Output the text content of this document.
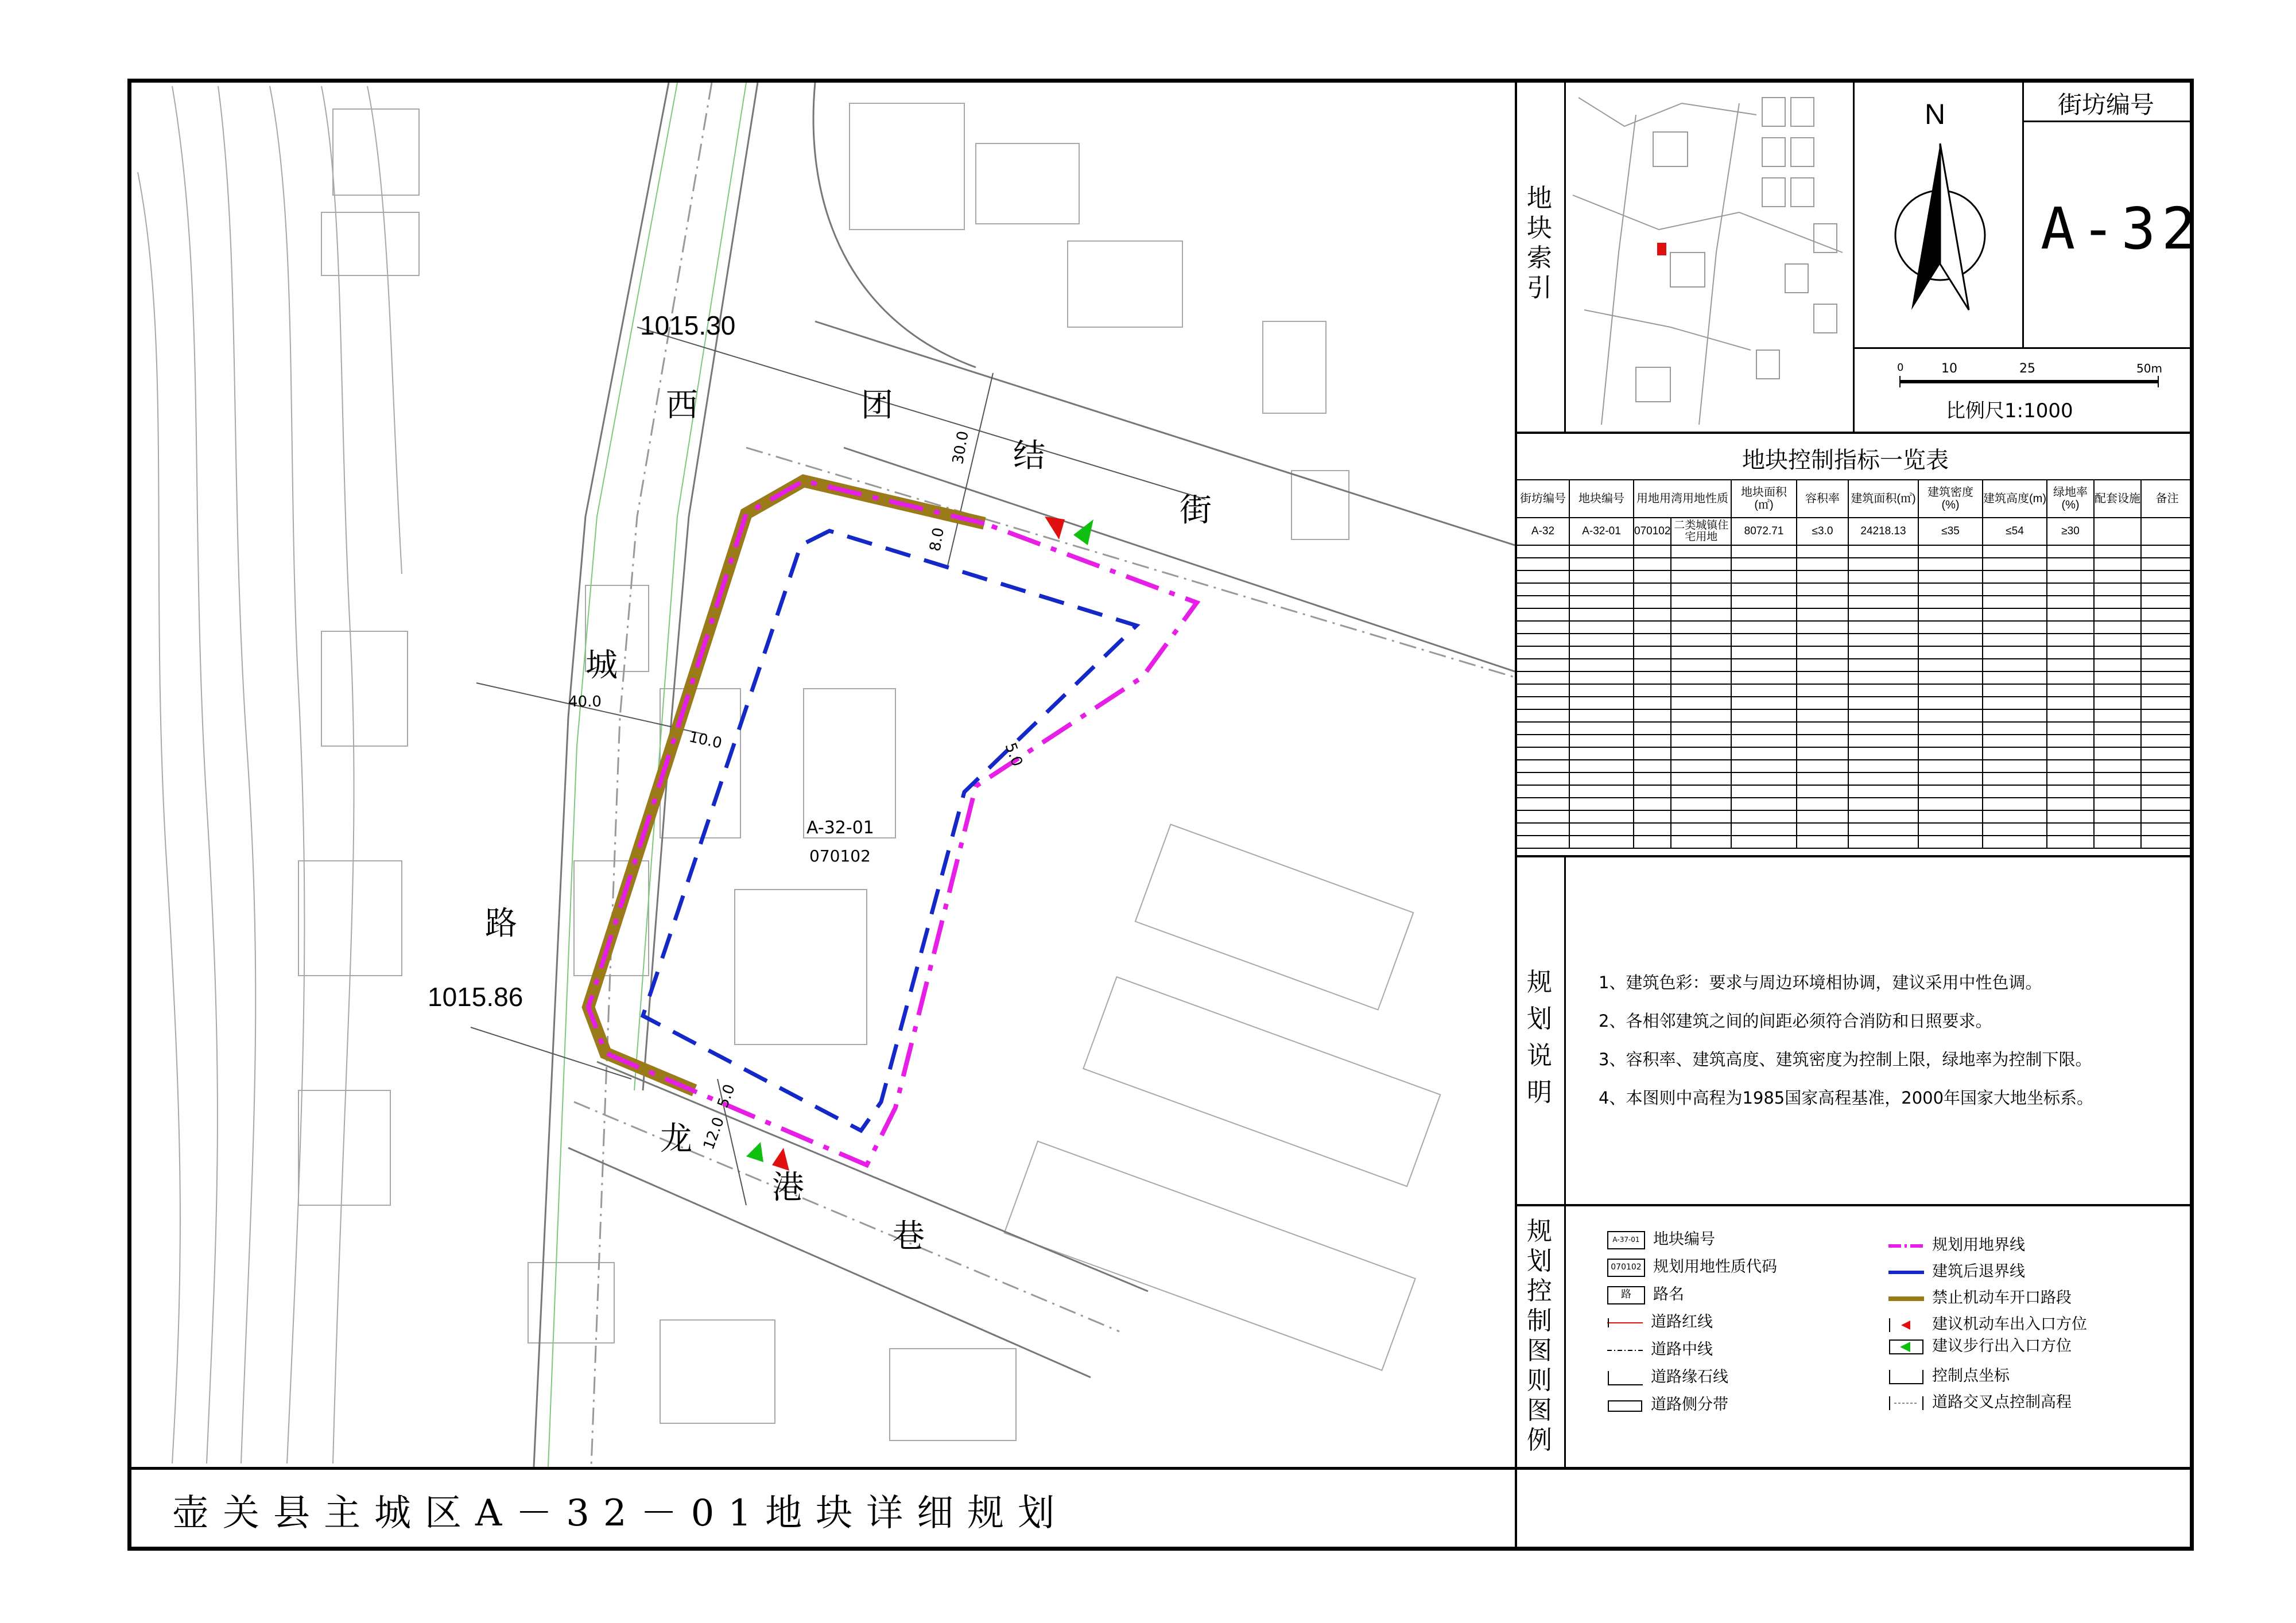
西	团
结
街
城
路
龙
港
巷
1015.30
1015.86
30.0
8.0
40.0
10.0
5.0
5.0
12.0
A-32-01
070102
地块索引
N	街坊编号
A-32
0	10	25	50m
比例尺1:1000
地块控制指标一览表
街坊编号	地块编号	用地用湾用地性质		地块面积(㎡)	容积率	建筑面积(㎡)	建筑密度(%)	建筑高度(m)	绿地率(%)	配套设施	备注
A-32	A-32-01	070102	二类城镇住宅用地	8072.71	≤3.0	24218.13	≤35	≤54	≥30		

规划说明

1、建筑色彩：要求与周边环境相协调，建议采用中性色调。

2、各相邻建筑之间的间距必须符合消防和日照要求。

3、容积率、建筑高度、建筑密度为控制上限，绿地率为控制下限。

4、本图则中高程为1985国家高程基准，2000年国家大地坐标系。

规划控制图则图例
A-37-01 地块编号
070102 规划用地性质代码
路 路名
道路红线
道路中线
道路缘石线
道路侧分带
规划用地界线
建筑后退界线
禁止机动车开口路段
建议机动车出入口方位
建议步行出入口方位
控制点坐标
道路交叉点控制高程
壶关县主城区A－32－01地块详细规划
